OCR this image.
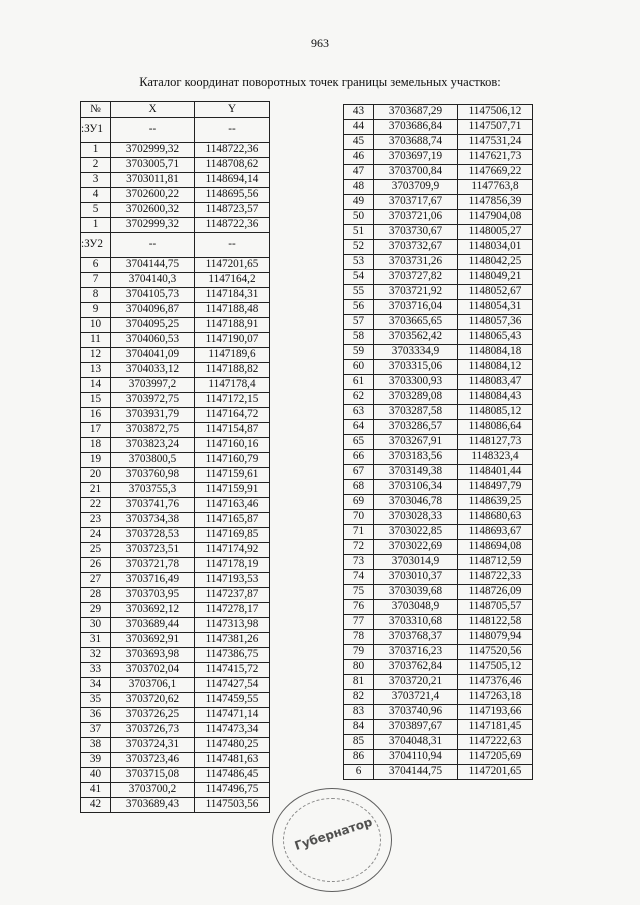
963
Каталог координат поворотных точек границы земельных участков:
№	X	Y
:ЗУ1	--	--
1	3702999,32	1148722,36
2	3703005,71	1148708,62
3	3703011,81	1148694,14
4	3702600,22	1148695,56
5	3702600,32	1148723,57
1	3702999,32	1148722,36
:ЗУ2	--	--
6	3704144,75	1147201,65
7	3704140,3	1147164,2
8	3704105,73	1147184,31
9	3704096,87	1147188,48
10	3704095,25	1147188,91
11	3704060,53	1147190,07
12	3704041,09	1147189,6
13	3704033,12	1147188,82
14	3703997,2	1147178,4
15	3703972,75	1147172,15
16	3703931,79	1147164,72
17	3703872,75	1147154,87
18	3703823,24	1147160,16
19	3703800,5	1147160,79
20	3703760,98	1147159,61
21	3703755,3	1147159,91
22	3703741,76	1147163,46
23	3703734,38	1147165,87
24	3703728,53	1147169,85
25	3703723,51	1147174,92
26	3703721,78	1147178,19
27	3703716,49	1147193,53
28	3703703,95	1147237,87
29	3703692,12	1147278,17
30	3703689,44	1147313,98
31	3703692,91	1147381,26
32	3703693,98	1147386,75
33	3703702,04	1147415,72
34	3703706,1	1147427,54
35	3703720,62	1147459,55
36	3703726,25	1147471,14
37	3703726,73	1147473,34
38	3703724,31	1147480,25
39	3703723,46	1147481,63
40	3703715,08	1147486,45
41	3703700,2	1147496,75
42	3703689,43	1147503,56
43	3703687,29	1147506,12
44	3703686,84	1147507,71
45	3703688,74	1147531,24
46	3703697,19	1147621,73
47	3703700,84	1147669,22
48	3703709,9	1147763,8
49	3703717,67	1147856,39
50	3703721,06	1147904,08
51	3703730,67	1148005,27
52	3703732,67	1148034,01
53	3703731,26	1148042,25
54	3703727,82	1148049,21
55	3703721,92	1148052,67
56	3703716,04	1148054,31
57	3703665,65	1148057,36
58	3703562,42	1148065,43
59	3703334,9	1148084,18
60	3703315,06	1148084,12
61	3703300,93	1148083,47
62	3703289,08	1148084,43
63	3703287,58	1148085,12
64	3703286,57	1148086,64
65	3703267,91	1148127,73
66	3703183,56	1148323,4
67	3703149,38	1148401,44
68	3703106,34	1148497,79
69	3703046,78	1148639,25
70	3703028,33	1148680,63
71	3703022,85	1148693,67
72	3703022,69	1148694,08
73	3703014,9	1148712,59
74	3703010,37	1148722,33
75	3703039,68	1148726,09
76	3703048,9	1148705,57
77	3703310,68	1148122,58
78	3703768,37	1148079,94
79	3703716,23	1147520,56
80	3703762,84	1147505,12
81	3703720,21	1147376,46
82	3703721,4	1147263,18
83	3703740,96	1147193,66
84	3703897,67	1147181,45
85	3704048,31	1147222,63
86	3704110,94	1147205,69
6	3704144,75	1147201,65
Губернатор
